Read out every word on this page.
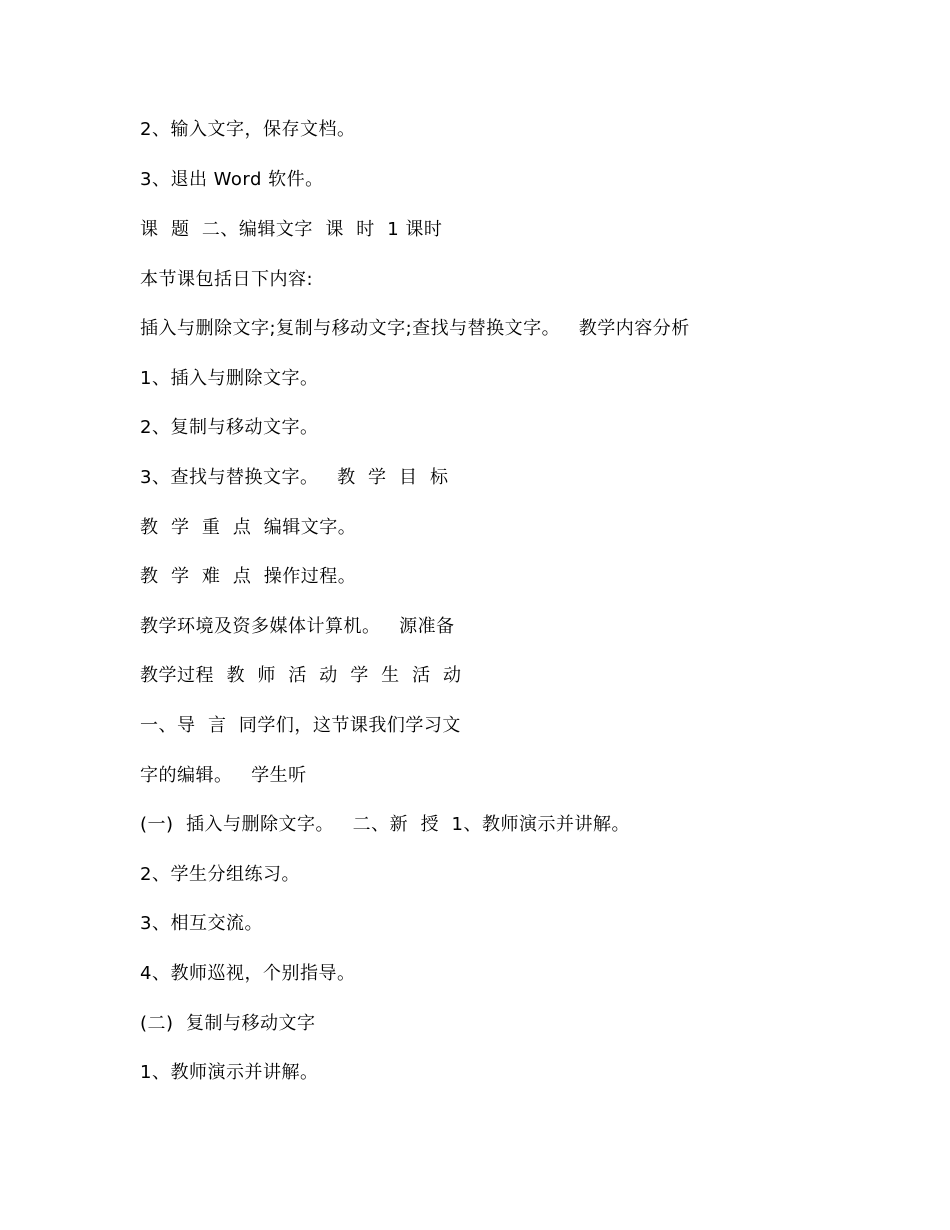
2、输入文字，保存文档。
3、退出 Word 软件。
课  题  二、编辑文字  课  时  1 课时
本节课包括日下内容:
插入与删除文字;复制与移动文字;查找与替换文字。   教学内容分析
1、插入与删除文字。
2、复制与移动文字。
3、查找与替换文字。   教  学  目  标
教  学  重  点  编辑文字。
教  学  难  点  操作过程。
教学环境及资多媒体计算机。   源准备
教学过程  教  师  活  动  学  生  活  动
一、导  言  同学们，这节课我们学习文
字的编辑。   学生听
(一)  插入与删除文字。   二、新  授  1、教师演示并讲解。
2、学生分组练习。
3、相互交流。
4、教师巡视，个别指导。
(二)  复制与移动文字
1、教师演示并讲解。
